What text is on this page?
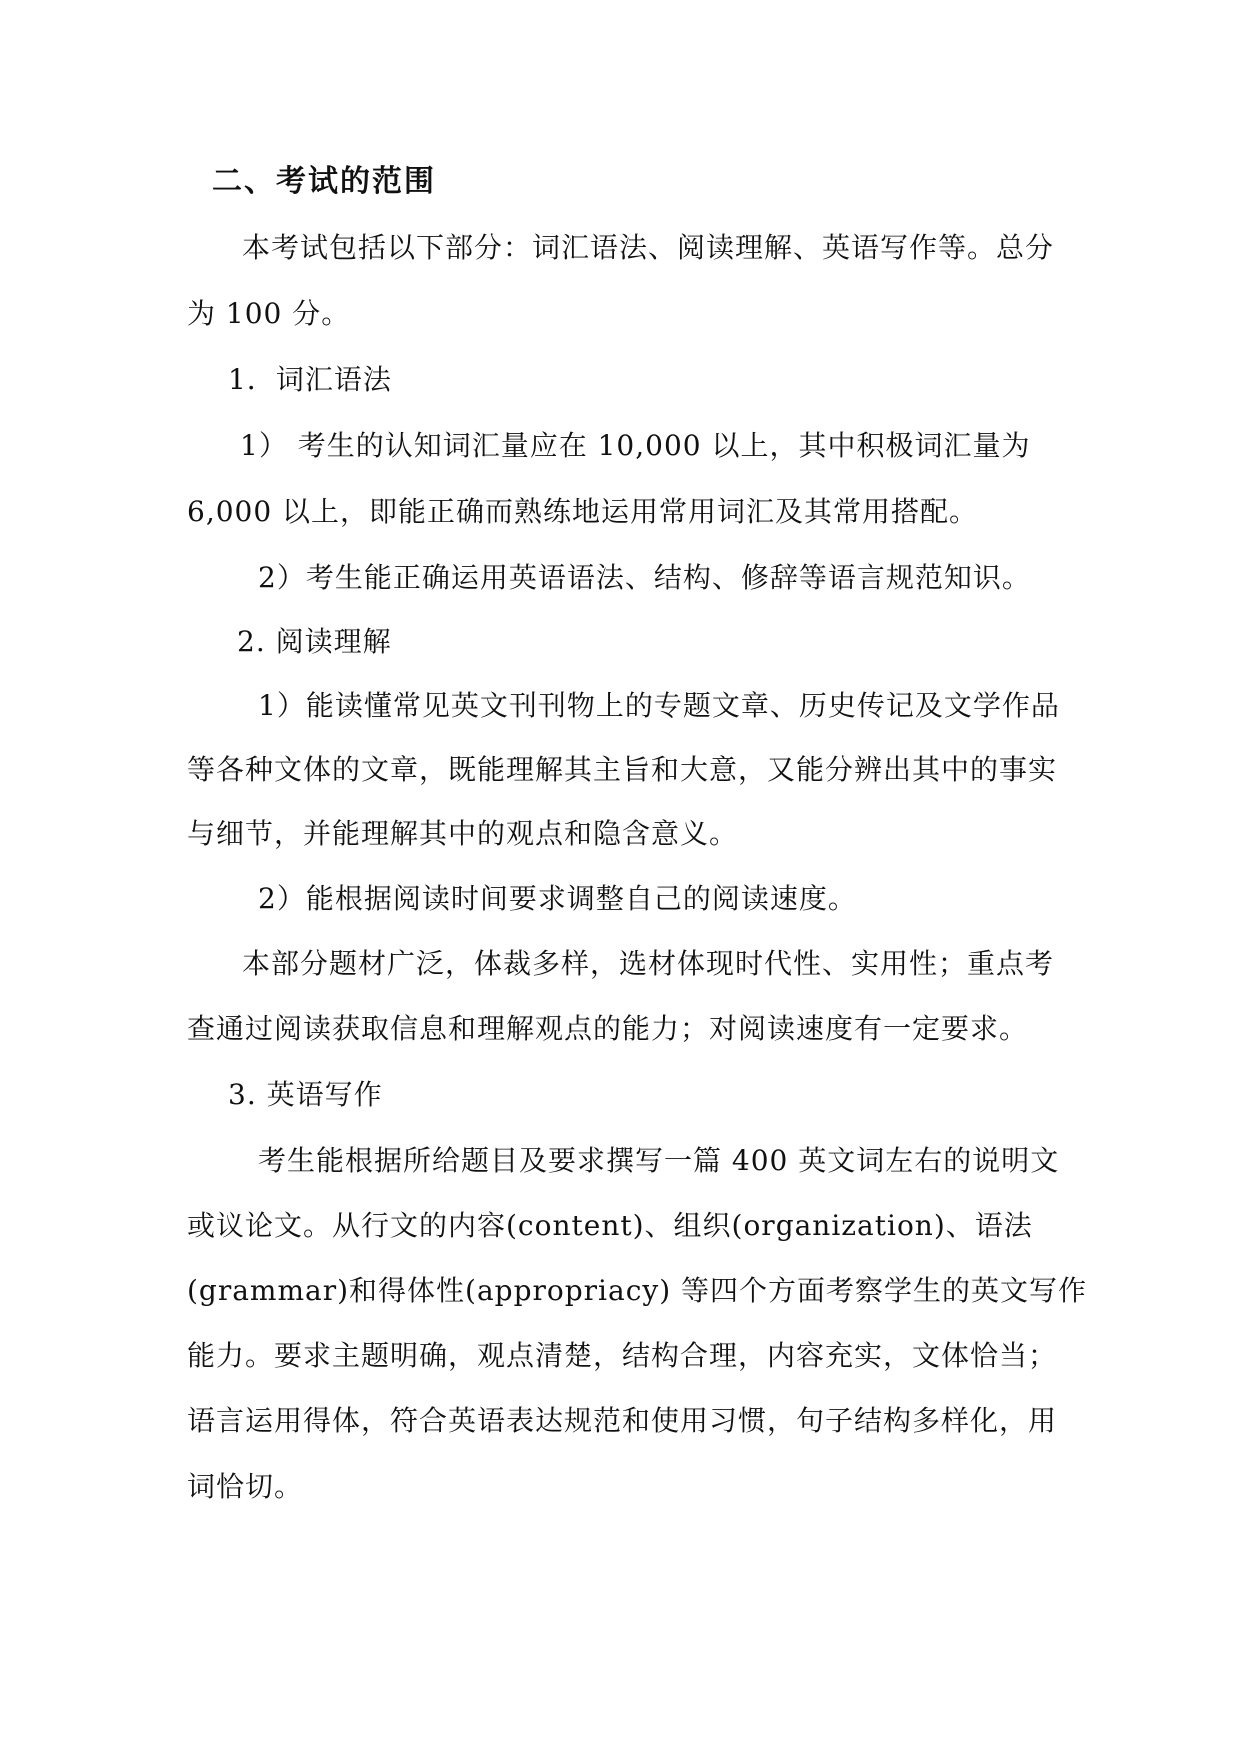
二、考试的范围
本考试包括以下部分：词汇语法、阅读理解、英语写作等。总分
为 100 分。
1．词汇语法
1） 考生的认知词汇量应在 10,000 以上，其中积极词汇量为
6,000 以上，即能正确而熟练地运用常用词汇及其常用搭配。
2）考生能正确运用英语语法、结构、修辞等语言规范知识。
2. 阅读理解
1）能读懂常见英文刊刊物上的专题文章、历史传记及文学作品
等各种文体的文章，既能理解其主旨和大意，又能分辨出其中的事实
与细节，并能理解其中的观点和隐含意义。
2）能根据阅读时间要求调整自己的阅读速度。
本部分题材广泛，体裁多样，选材体现时代性、实用性；重点考
查通过阅读获取信息和理解观点的能力；对阅读速度有一定要求。
3. 英语写作
考生能根据所给题目及要求撰写一篇 400 英文词左右的说明文
或议论文。从行文的内容(content)、组织(organization)、语法
(grammar)和得体性(appropriacy) 等四个方面考察学生的英文写作
能力。要求主题明确，观点清楚，结构合理，内容充实，文体恰当；
语言运用得体，符合英语表达规范和使用习惯，句子结构多样化，用
词恰切。
